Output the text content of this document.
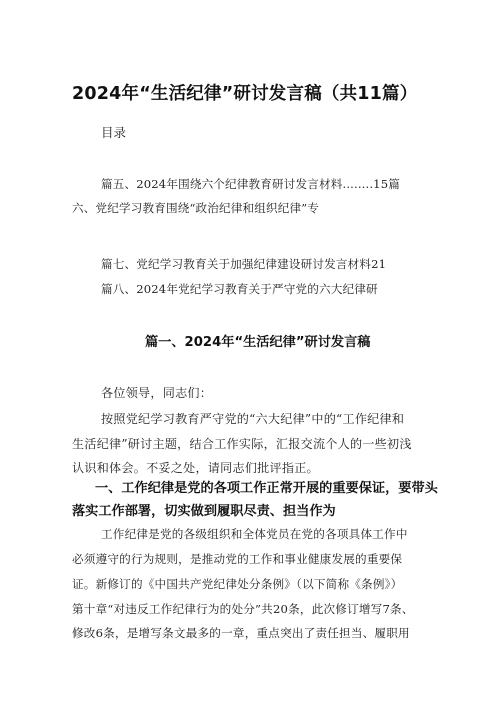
2024年“生活纪律”研讨发言稿（共11篇）
目录
篇五、2024年围绕六个纪律教育研讨发言材料........15篇
六、党纪学习教育围绕“政治纪律和组织纪律”专
篇七、党纪学习教育关于加强纪律建设研讨发言材料21
篇八、2024年党纪学习教育关于严守党的六大纪律研
篇一、2024年“生活纪律”研讨发言稿
各位领导，同志们：
按照党纪学习教育严守党的“六大纪律”中的“工作纪律和
生活纪律”研讨主题，结合工作实际，汇报交流个人的一些初浅
认识和体会。不妥之处，请同志们批评指正。
一、工作纪律是党的各项工作正常开展的重要保证，要带头
落实工作部署，切实做到履职尽责、担当作为
工作纪律是党的各级组织和全体党员在党的各项具体工作中
必须遵守的行为规则，是推动党的工作和事业健康发展的重要保
证。新修订的《中国共产党纪律处分条例》（以下简称《条例》）
第十章“对违反工作纪律行为的处分”共20条，此次修订增写7条、
修改6条，是增写条文最多的一章，重点突出了责任担当、履职用
